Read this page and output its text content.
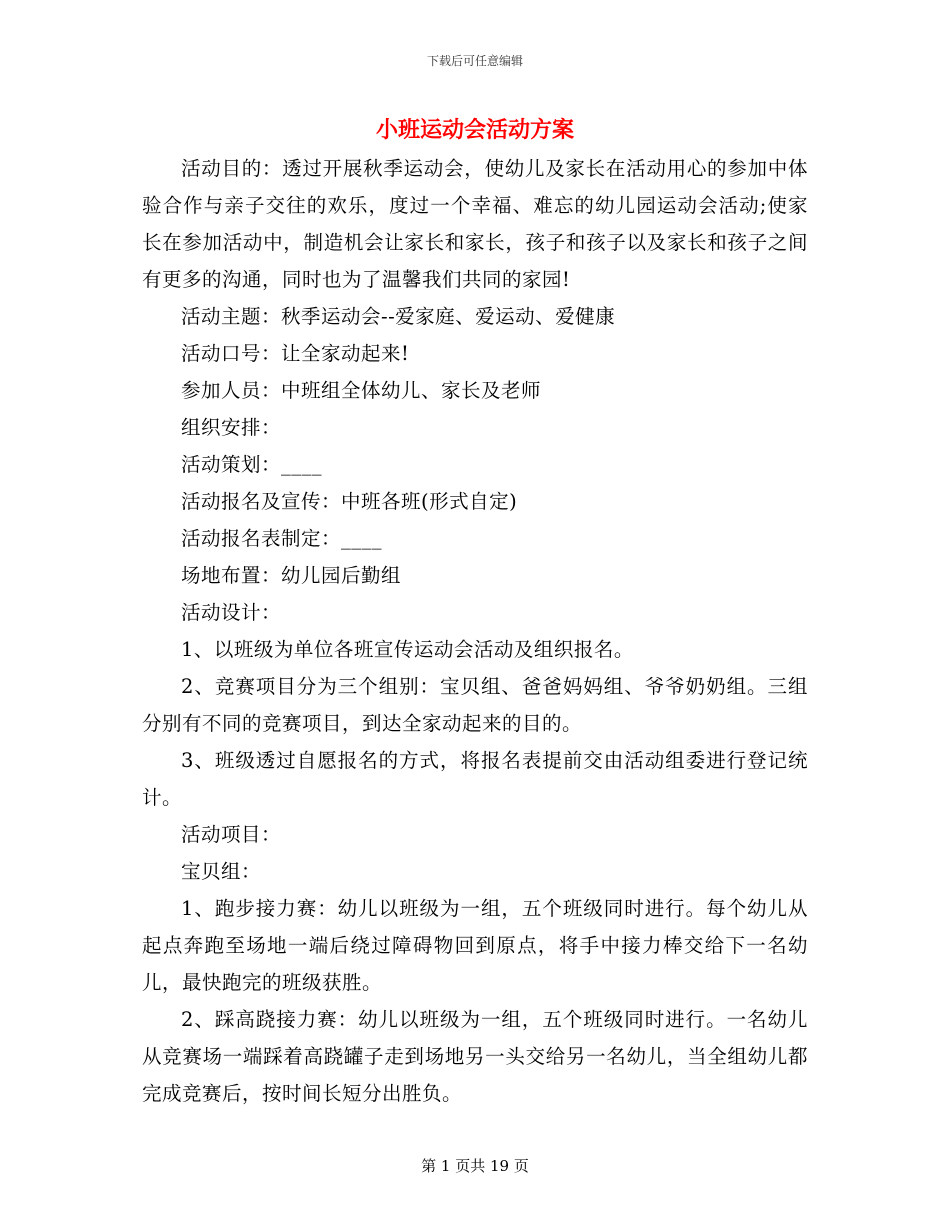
下载后可任意编辑
小班运动会活动方案

活动目的：透过开展秋季运动会，使幼儿及家长在活动用心的参加中体验合作与亲子交往的欢乐，度过一个幸福、难忘的幼儿园运动会活动;使家长在参加活动中，制造机会让家长和家长，孩子和孩子以及家长和孩子之间有更多的沟通，同时也为了温馨我们共同的家园!

活动主题：秋季运动会--爱家庭、爱运动、爱健康

活动口号：让全家动起来!

参加人员：中班组全体幼儿、家长及老师

组织安排：

活动策划：____

活动报名及宣传：中班各班(形式自定)

活动报名表制定：____

场地布置：幼儿园后勤组

活动设计：

1、以班级为单位各班宣传运动会活动及组织报名。

2、竞赛项目分为三个组别：宝贝组、爸爸妈妈组、爷爷奶奶组。三组分别有不同的竞赛项目，到达全家动起来的目的。

3、班级透过自愿报名的方式，将报名表提前交由活动组委进行登记统计。

活动项目：

宝贝组：

1、跑步接力赛：幼儿以班级为一组，五个班级同时进行。每个幼儿从起点奔跑至场地一端后绕过障碍物回到原点，将手中接力棒交给下一名幼儿，最快跑完的班级获胜。

2、踩高跷接力赛：幼儿以班级为一组，五个班级同时进行。一名幼儿从竞赛场一端踩着高跷罐子走到场地另一头交给另一名幼儿，当全组幼儿都完成竞赛后，按时间长短分出胜负。

第 1 页共 19 页
